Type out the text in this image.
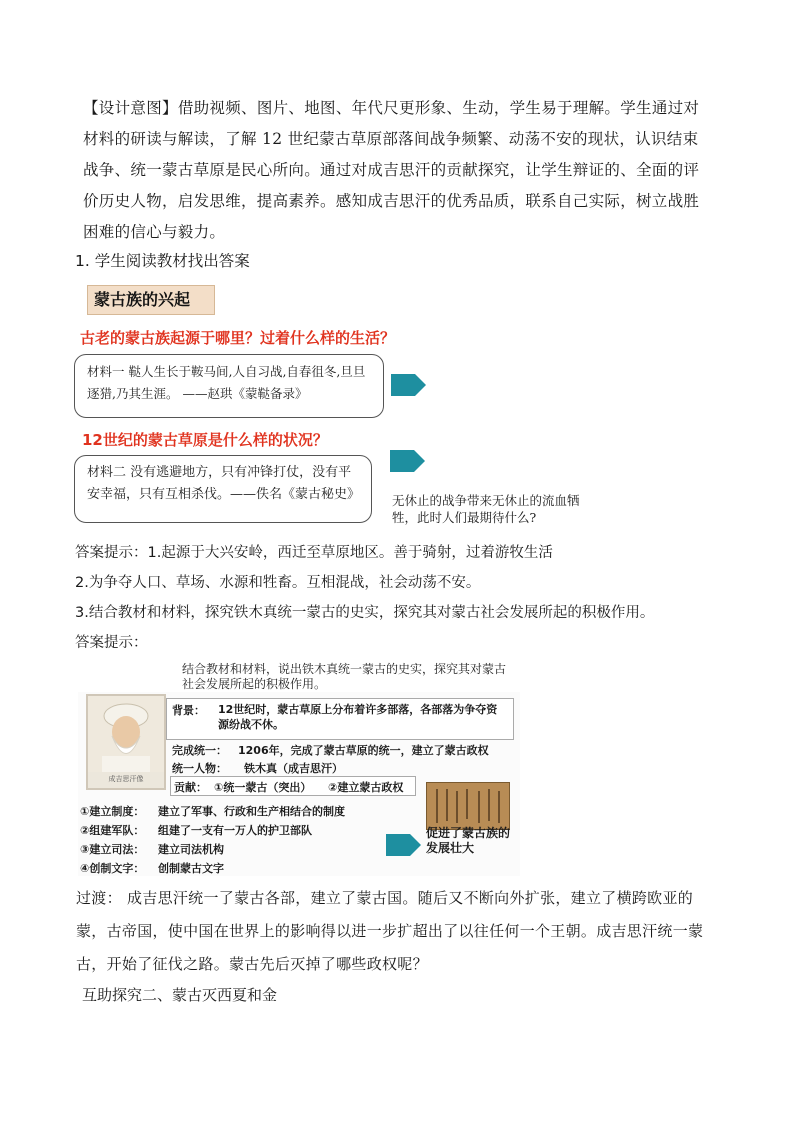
【设计意图】借助视频、图片、地图、年代尺更形象、生动，学生易于理解。学生通过对材料的研读与解读，了解 12 世纪蒙古草原部落间战争频繁、动荡不安的现状，认识结束战争、统一蒙古草原是民心所向。通过对成吉思汗的贡献探究，让学生辩证的、全面的评价历史人物，启发思维，提高素养。感知成吉思汗的优秀品质，联系自己实际，树立战胜困难的信心与毅力。
1. 学生阅读教材找出答案
蒙古族的兴起
古老的蒙古族起源于哪里？过着什么样的生活？
材料一 鞑人生长于鞍马间,人自习战,自春徂冬,旦旦逐猎,乃其生涯。 ——赵珙《蒙鞑备录》
12世纪的蒙古草原是什么样的状况？
材料二 没有逃避地方，只有冲锋打仗，没有平安幸福，只有互相杀伐。——佚名《蒙古秘史》	无休止的战争带来无休止的流血牺牲，此时人们最期待什么?
答案提示：1.起源于大兴安岭，西迁至草原地区。善于骑射，过着游牧生活
2.为争夺人口、草场、水源和牲畜。互相混战，社会动荡不安。
3.结合教材和材料，探究铁木真统一蒙古的史实，探究其对蒙古社会发展所起的积极作用。
答案提示：
结合教材和材料，说出铁木真统一蒙古的史实，探究其对蒙古社会发展所起的积极作用。
成吉思汗像
背景： 12世纪时，蒙古草原上分布着许多部落，各部落为争夺资源纷战不休。
完成统一： 1206年，完成了蒙古草原的统一，建立了蒙古政权
统一人物： 铁木真（成吉思汗）
贡献： ①统一蒙古（突出） ②建立蒙古政权
①建立制度： 建立了军事、行政和生产相结合的制度
②组建军队： 组建了一支有一万人的护卫部队
③建立司法： 建立司法机构
④创制文字： 创制蒙古文字
促进了蒙古族的发展壮大
过渡： 成吉思汗统一了蒙古各部，建立了蒙古国。随后又不断向外扩张，建立了横跨欧亚的蒙，古帝国，使中国在世界上的影响得以进一步扩超出了以往任何一个王朝。成吉思汗统一蒙古，开始了征伐之路。蒙古先后灭掉了哪些政权呢？
互助探究二、蒙古灭西夏和金
